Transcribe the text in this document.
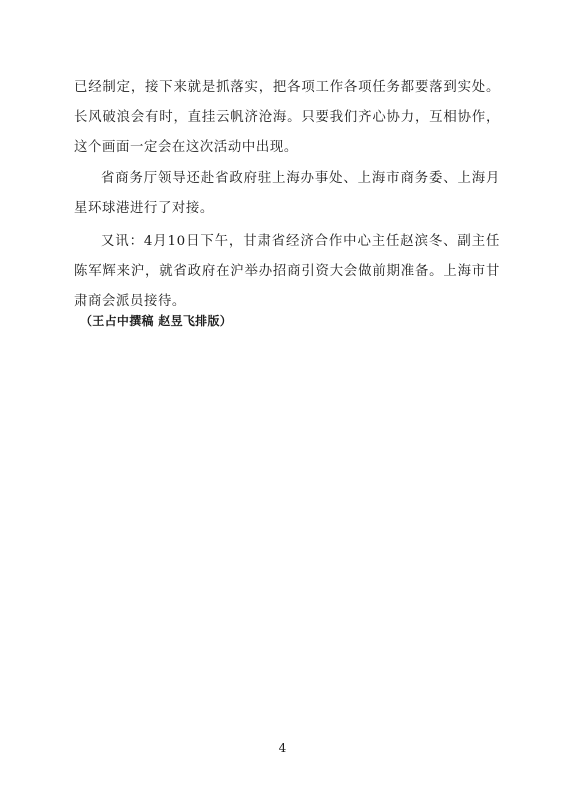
已经制定，接下来就是抓落实，把各项工作各项任务都要落到实处。长风破浪会有时，直挂云帆济沧海。只要我们齐心协力，互相协作，这个画面一定会在这次活动中出现。

省商务厅领导还赴省政府驻上海办事处、上海市商务委、上海月星环球港进行了对接。

又讯：4月10日下午，甘肃省经济合作中心主任赵滨冬、副主任陈军辉来沪，就省政府在沪举办招商引资大会做前期准备。上海市甘肃商会派员接待。

（王占中撰稿 赵昱飞排版）

4
